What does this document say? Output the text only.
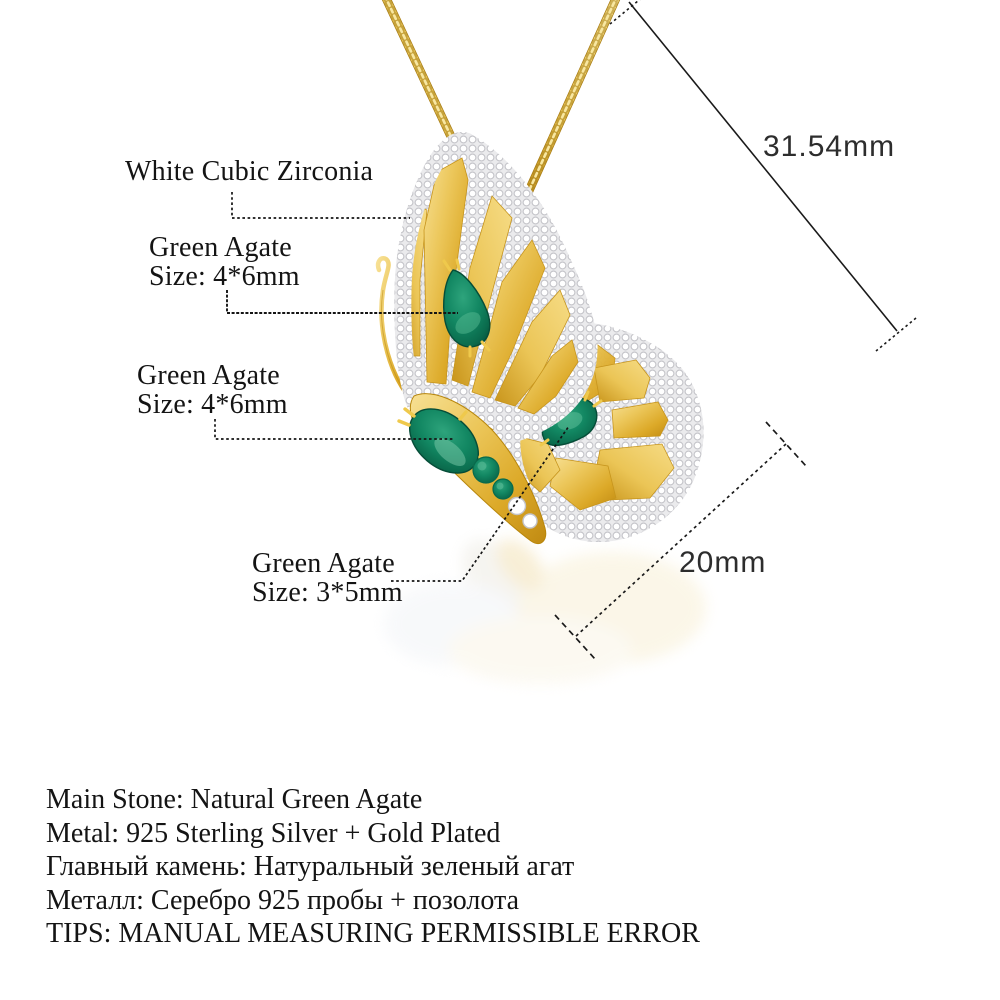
White Cubic Zirconia
Green Agate
Size: 4*6mm
Green Agate
Size: 4*6mm
Green Agate
Size: 3*5mm
31.54mm
20mm
Main Stone: Natural Green Agate
Metal: 925 Sterling Silver + Gold Plated
Главный камень: Натуральный зеленый агат
Металл: Серебро 925 пробы + позолота
TIPS: MANUAL MEASURING PERMISSIBLE ERROR
